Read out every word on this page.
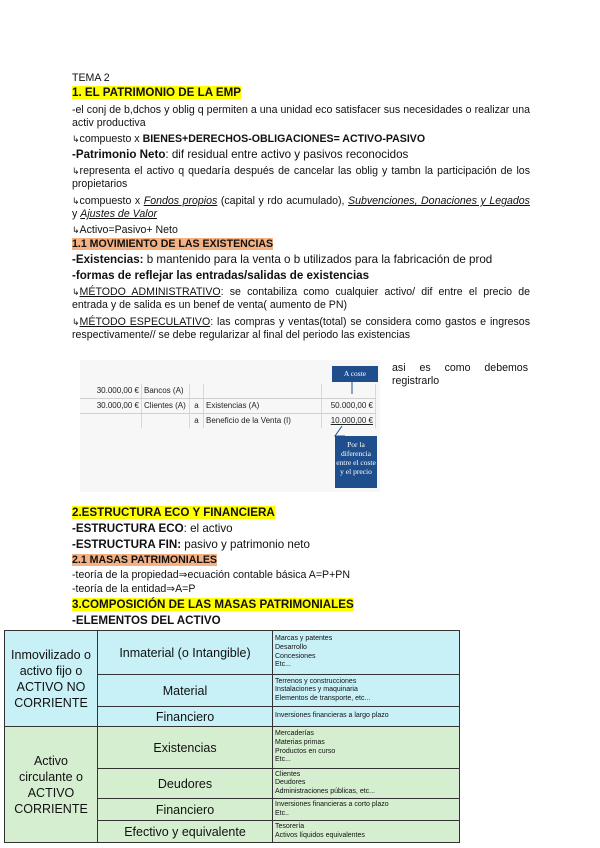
TEMA 2
1. EL PATRIMONIO DE LA EMP
-el conj de b,dchos y oblig q permiten a una unidad eco satisfacer sus necesidades o realizar una activ productiva
↳compuesto x BIENES+DERECHOS-OBLIGACIONES= ACTIVO-PASIVO
-Patrimonio Neto: dif residual entre activo y pasivos reconocidos
↳representa el activo q quedaría después de cancelar las oblig y tambn la participación de los propietarios
↳compuesto x Fondos propios (capital y rdo acumulado), Subvenciones, Donaciones y Legados y Ajustes de Valor
↳Activo=Pasivo+ Neto
1.1 MOVIMIENTO DE LAS EXISTENCIAS
-Existencias: b mantenido para la venta o b utilizados para la fabricación de prod
-formas de reflejar las entradas/salidas de existencias
↳MÉTODO ADMINISTRATIVO: se contabiliza como cualquier activo/ dif entre el precio de entrada y de salida es un benef de venta( aumento de PN)
↳MÉTODO ESPECULATIVO: las compras y ventas(total) se considera como gastos e ingresos respectivamente// se debe regularizar al final del periodo las existencias
A coste
30.000,00 € Bancos (A)
30.000,00 € Clientes (A)	a Existencias (A)	50.000,00 €
a Beneficio de la Venta (I)	10.000,00 €
Por la diferencia entre el coste y el precio
asi es como debemos registrarlo
2.ESTRUCTURA ECO Y FINANCIERA
-ESTRUCTURA ECO: el activo
-ESTRUCTURA FIN: pasivo y patrimonio neto
2.1 MASAS PATRIMONIALES
-teoría de la propiedad⇒ecuación contable básica A=P+PN
-teoría de la entidad⇒A=P
3.COMPOSICIÓN DE LAS MASAS PATRIMONIALES
-ELEMENTOS DEL ACTIVO
Inmovilizado o activo fijo o ACTIVO NO CORRIENTE	Inmaterial (o Intangible)	Marcas y patentes
Desarrollo
Concesiones
Etc...
	Material	Terrenos y construcciones
Instalaciones y maquinaria
Elementos de transporte, etc...
	Financiero	Inversiones financieras a largo plazo
Activo circulante o ACTIVO CORRIENTE	Existencias	Mercaderías
Materias primas
Productos en curso
Etc...
	Deudores	Clientes
Deudores
Administraciones públicas, etc...
	Financiero	Inversiones financieras a corto plazo
Etc..
	Efectivo y equivalente	Tesorería
Activos líquidos equivalentes
